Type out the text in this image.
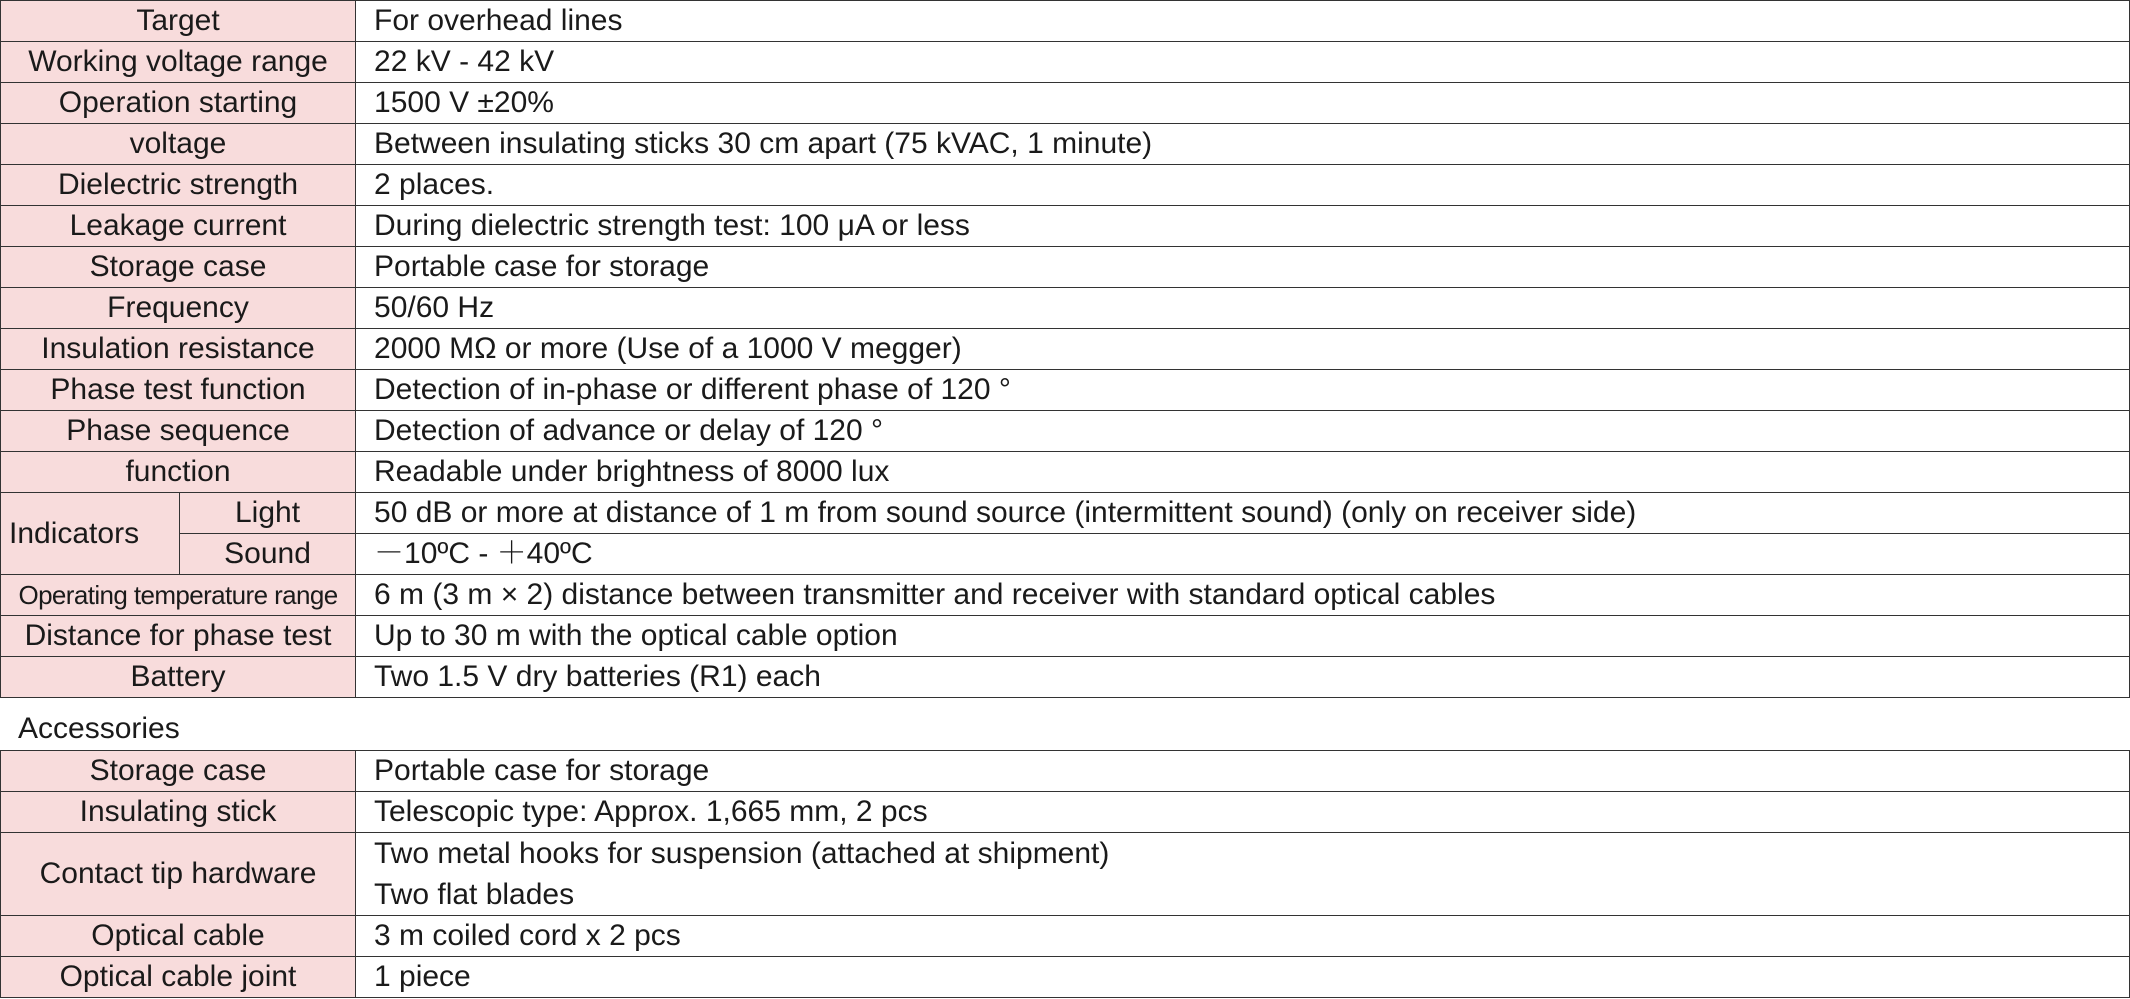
Target		For overhead lines
Working voltage range		22 kV - 42 kV
Operation starting		1500 V ±20%
voltage		Between insulating sticks 30 cm apart (75 kVAC, 1 minute)
Dielectric strength		2 places.
Leakage current		During dielectric strength test: 100 μA or less
Storage case		Portable case for storage
Frequency		50/60 Hz
Insulation resistance		2000 MΩ or more (Use of a 1000 V megger)
Phase test function		Detection of in-phase or different phase of 120 °
Phase sequence		Detection of advance or delay of 120 °
function		Readable under brightness of 8000 lux
Indicators	Light	50 dB or more at distance of 1 m from sound source (intermittent sound) (only on receiver side)
	Sound	－10ºC - ＋40ºC
Operating temperature range		6 m (3 m × 2) distance between transmitter and receiver with standard optical cables
Distance for phase test		Up to 30 m with the optical cable option
Battery		Two 1.5 V dry batteries (R1) each
Accessories
Storage case	Portable case for storage
Insulating stick	Telescopic type: Approx. 1,665 mm, 2 pcs
Contact tip hardware	Two metal hooks for suspension (attached at shipment)
Two flat blades

Optical cable	3 m coiled cord x 2 pcs
Optical cable joint	1 piece
